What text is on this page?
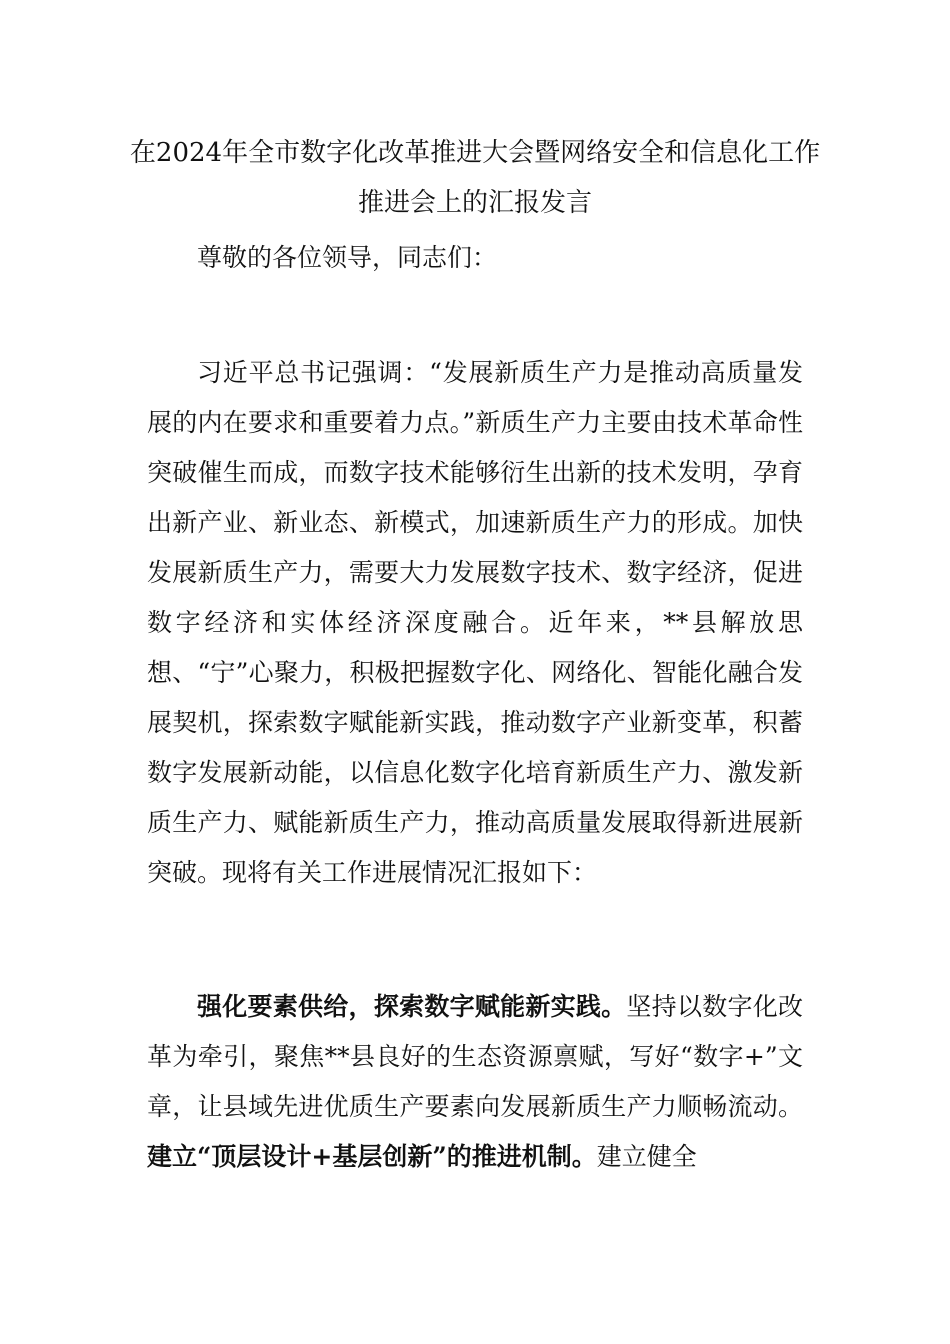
在2024年全市数字化改革推进大会暨网络安全和信息化工作推进会上的汇报发言

尊敬的各位领导，同志们：

习近平总书记强调：“发展新质生产力是推动高质量发展的内在要求和重要着力点。”新质生产力主要由技术革命性突破催生而成，而数字技术能够衍生出新的技术发明，孕育出新产业、新业态、新模式，加速新质生产力的形成。加快发展新质生产力，需要大力发展数字技术、数字经济，促进数字经济和实体经济深度融合。近年来，**县解放思想、“宁”心聚力，积极把握数字化、网络化、智能化融合发展契机，探索数字赋能新实践，推动数字产业新变革，积蓄数字发展新动能，以信息化数字化培育新质生产力、激发新质生产力、赋能新质生产力，推动高质量发展取得新进展新突破。现将有关工作进展情况汇报如下：

强化要素供给，探索数字赋能新实践。坚持以数字化改革为牵引，聚焦**县良好的生态资源禀赋，写好“数字+”文章，让县域先进优质生产要素向发展新质生产力顺畅流动。建立“顶层设计+基层创新”的推进机制。建立健全
